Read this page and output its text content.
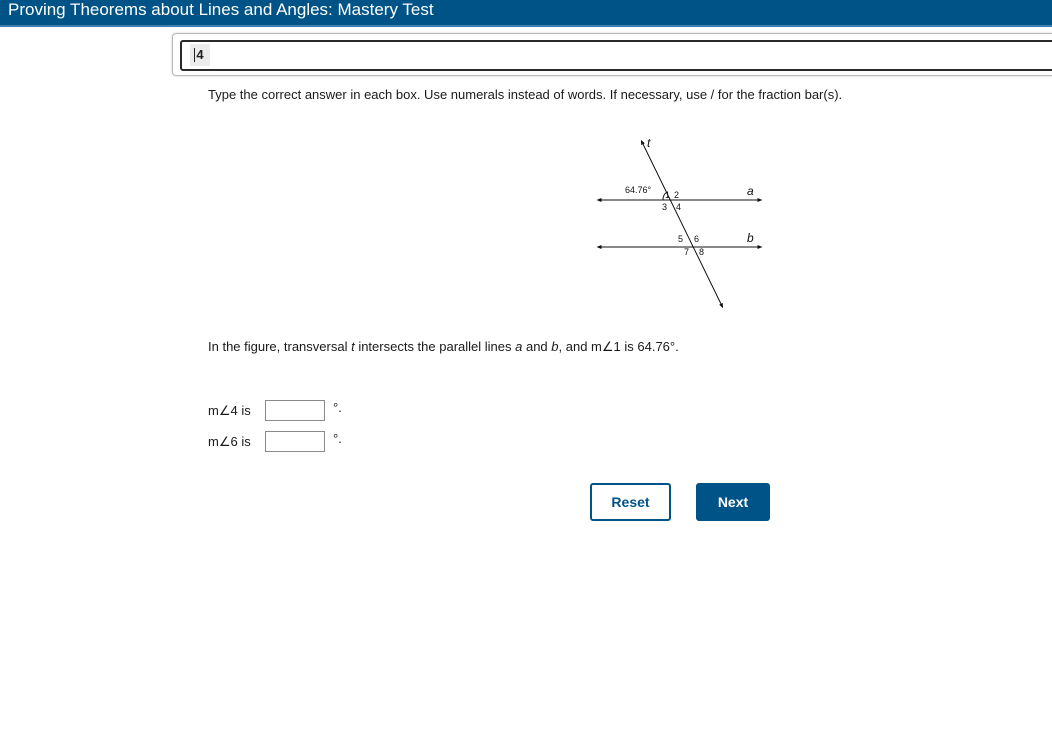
Proving Theorems about Lines and Angles: Mastery Test
4
Type the correct answer in each box. Use numerals instead of words. If necessary, use / for the fraction bar(s).
t
64.76°	a
b
1 2
3 4
5 6
7 8
In the figure, transversal t intersects the parallel lines a and b, and m∠1 is 64.76°.
m∠4 is	°.
m∠6 is	°.
Reset	Next
